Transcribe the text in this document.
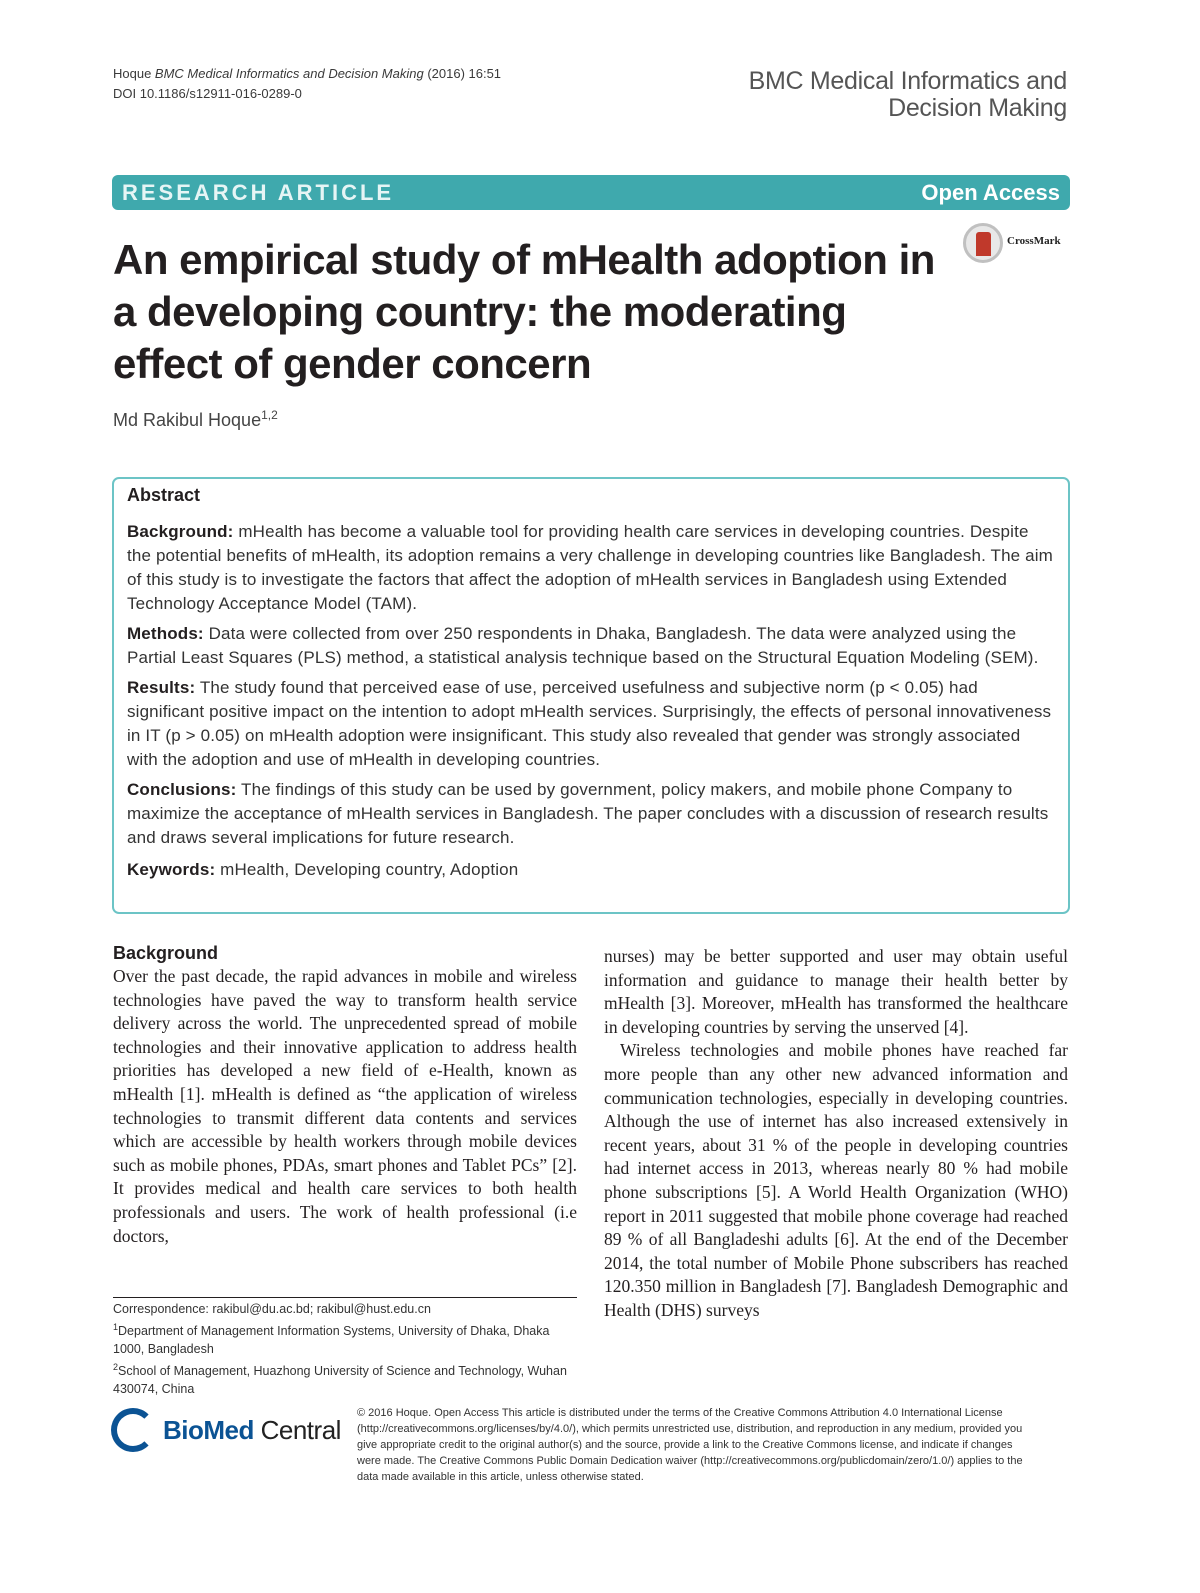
Hoque BMC Medical Informatics and Decision Making (2016) 16:51
DOI 10.1186/s12911-016-0289-0	BMC Medical Informatics and
Decision Making
RESEARCH ARTICLE	Open Access
An empirical study of mHealth adoption in a developing country: the moderating effect of gender concern
CrossMark
Md Rakibul Hoque$^{1,2}$
Abstract

Background: mHealth has become a valuable tool for providing health care services in developing countries. Despite the potential benefits of mHealth, its adoption remains a very challenge in developing countries like Bangladesh. The aim of this study is to investigate the factors that affect the adoption of mHealth services in Bangladesh using Extended Technology Acceptance Model (TAM).

Methods: Data were collected from over 250 respondents in Dhaka, Bangladesh. The data were analyzed using the Partial Least Squares (PLS) method, a statistical analysis technique based on the Structural Equation Modeling (SEM).

Results: The study found that perceived ease of use, perceived usefulness and subjective norm (p < 0.05) had significant positive impact on the intention to adopt mHealth services. Surprisingly, the effects of personal innovativeness in IT (p > 0.05) on mHealth adoption were insignificant. This study also revealed that gender was strongly associated with the adoption and use of mHealth in developing countries.

Conclusions: The findings of this study can be used by government, policy makers, and mobile phone Company to maximize the acceptance of mHealth services in Bangladesh. The paper concludes with a discussion of research results and draws several implications for future research.

Keywords: mHealth, Developing country, Adoption

Background

Over the past decade, the rapid advances in mobile and wireless technologies have paved the way to transform health service delivery across the world. The unprecedented spread of mobile technologies and their innovative application to address health priorities has developed a new field of e-Health, known as mHealth [1]. mHealth is defined as “the application of wireless technologies to transmit different data contents and services which are accessible by health workers through mobile devices such as mobile phones, PDAs, smart phones and Tablet PCs” [2]. It provides medical and health care services to both health professionals and users. The work of health professional (i.e doctors,

nurses) may be better supported and user may obtain useful information and guidance to manage their health better by mHealth [3]. Moreover, mHealth has transformed the healthcare in developing countries by serving the unserved [4].

Wireless technologies and mobile phones have reached far more people than any other new advanced information and communication technologies, especially in developing countries. Although the use of internet has also increased extensively in recent years, about 31 % of the people in developing countries had internet access in 2013, whereas nearly 80 % had mobile phone subscriptions [5]. A World Health Organization (WHO) report in 2011 suggested that mobile phone coverage had reached 89 % of all Bangladeshi adults [6]. At the end of the December 2014, the total number of Mobile Phone subscribers has reached 120.350 million in Bangladesh [7]. Bangladesh Demographic and Health (DHS) surveys

Correspondence: rakibul@du.ac.bd; rakibul@hust.edu.cn
$^1$Department of Management Information Systems, University of Dhaka, Dhaka 1000, Bangladesh
$^2$School of Management, Huazhong University of Science and Technology, Wuhan 430074, China
BioMed Central
© 2016 Hoque. Open Access This article is distributed under the terms of the Creative Commons Attribution 4.0 International License (http://creativecommons.org/licenses/by/4.0/), which permits unrestricted use, distribution, and reproduction in any medium, provided you give appropriate credit to the original author(s) and the source, provide a link to the Creative Commons license, and indicate if changes were made. The Creative Commons Public Domain Dedication waiver (http://creativecommons.org/publicdomain/zero/1.0/) applies to the data made available in this article, unless otherwise stated.
